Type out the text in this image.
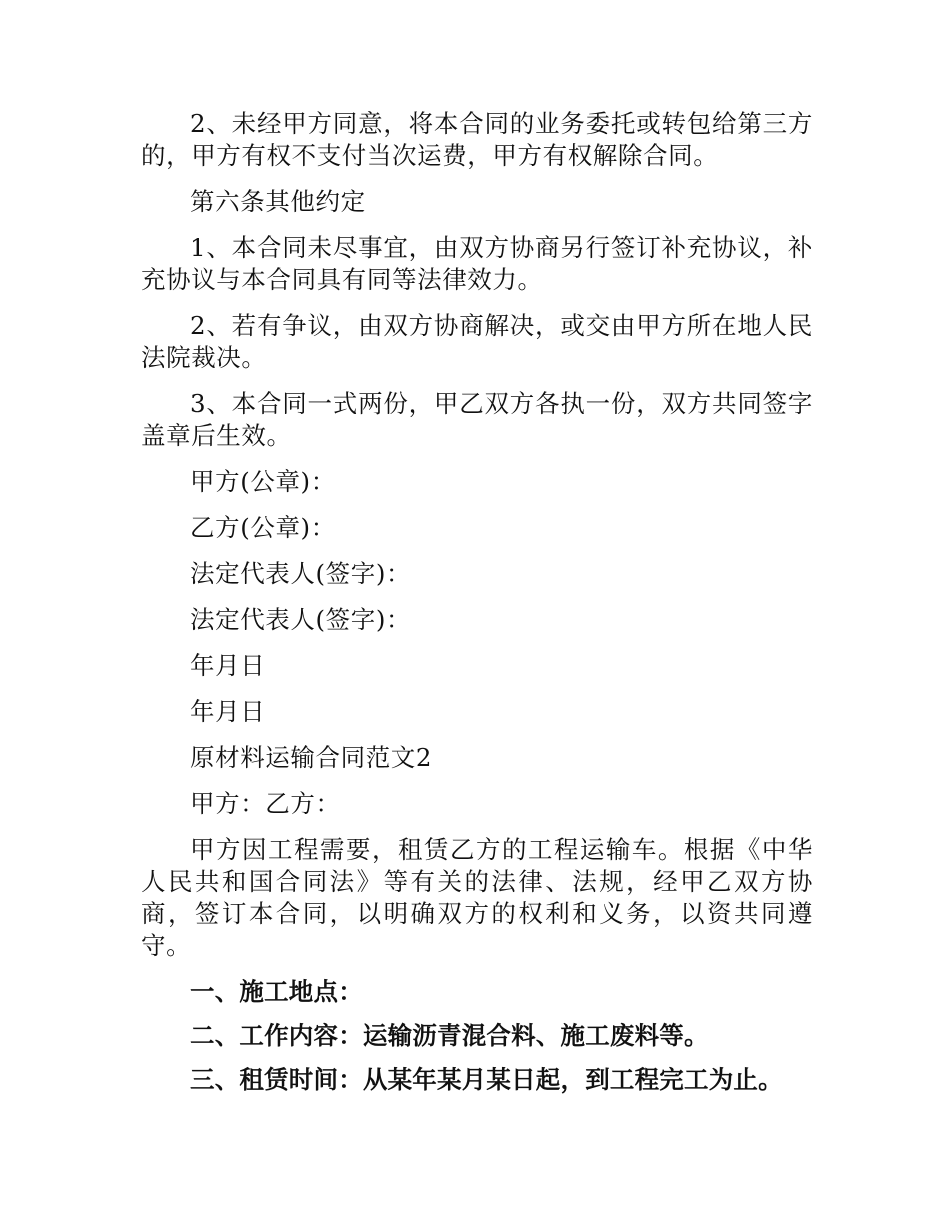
2、未经甲方同意，将本合同的业务委托或转包给第三方的，甲方有权不支付当次运费，甲方有权解除合同。

第六条其他约定

1、本合同未尽事宜，由双方协商另行签订补充协议，补充协议与本合同具有同等法律效力。

2、若有争议，由双方协商解决，或交由甲方所在地人民法院裁决。

3、本合同一式两份，甲乙双方各执一份，双方共同签字盖章后生效。

甲方(公章)：

乙方(公章)：

法定代表人(签字)：

法定代表人(签字)：

年月日

年月日

原材料运输合同范文2

甲方：乙方：

甲方因工程需要，租赁乙方的工程运输车。根据《中华人民共和国合同法》等有关的法律、法规，经甲乙双方协商，签订本合同，以明确双方的权利和义务，以资共同遵守。

一、施工地点：

二、工作内容：运输沥青混合料、施工废料等。

三、租赁时间：从某年某月某日起，到工程完工为止。
